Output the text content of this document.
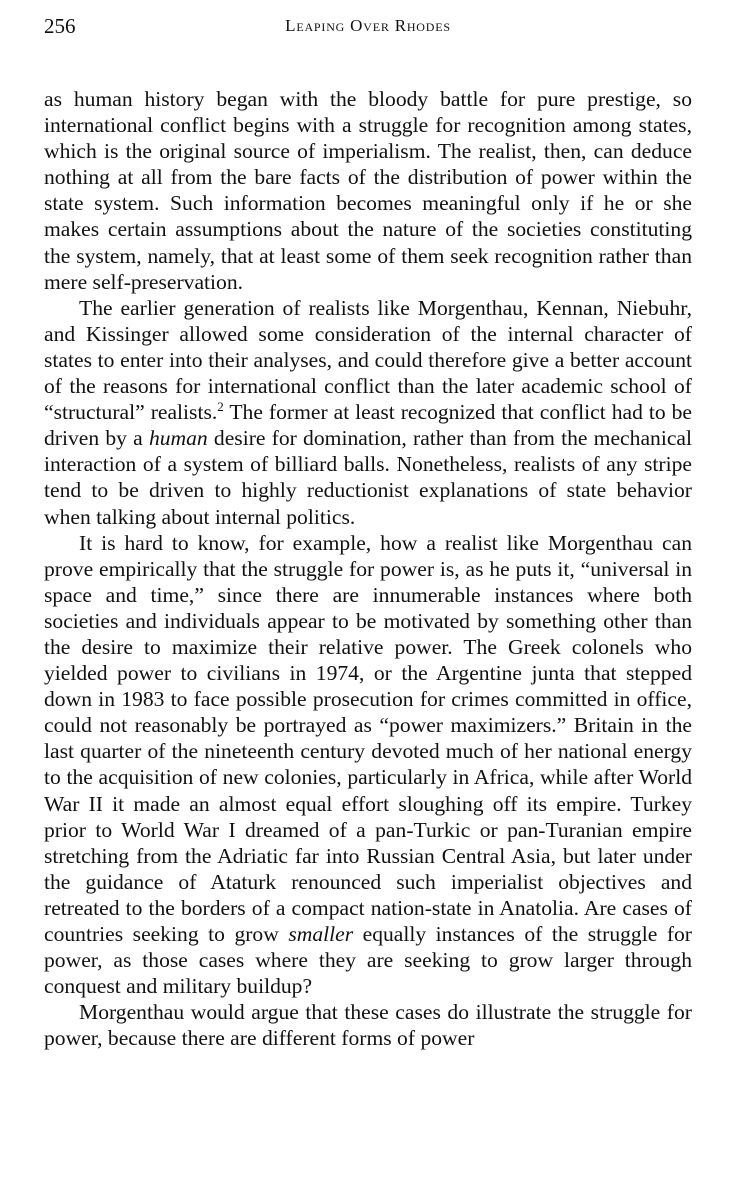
256	Leaping Over Rhodes

as human history began with the bloody battle for pure prestige, so international conflict begins with a struggle for recognition among states, which is the original source of imperialism. The realist, then, can deduce nothing at all from the bare facts of the distribution of power within the state system. Such information becomes meaningful only if he or she makes certain assumptions about the nature of the societies constituting the system, namely, that at least some of them seek recognition rather than mere self-preservation.

The earlier generation of realists like Morgenthau, Kennan, Niebuhr, and Kissinger allowed some consideration of the internal character of states to enter into their analyses, and could therefore give a better account of the reasons for international conflict than the later academic school of “structural” realists.$^2$ The former at least recognized that conflict had to be driven by a human desire for domination, rather than from the mechanical interaction of a system of billiard balls. Nonetheless, realists of any stripe tend to be driven to highly reductionist explanations of state behavior when talking about internal politics.

It is hard to know, for example, how a realist like Morgenthau can prove empirically that the struggle for power is, as he puts it, “universal in space and time,” since there are innumerable instances where both societies and individuals appear to be motivated by something other than the desire to maximize their relative power. The Greek colonels who yielded power to civilians in 1974, or the Argentine junta that stepped down in 1983 to face possible prosecution for crimes committed in office, could not reasonably be portrayed as “power maximizers.” Britain in the last quarter of the nineteenth century devoted much of her national energy to the acquisition of new colonies, particularly in Africa, while after World War II it made an almost equal effort sloughing off its empire. Turkey prior to World War I dreamed of a pan-Turkic or pan-Turanian empire stretching from the Adriatic far into Russian Central Asia, but later under the guidance of Ataturk renounced such imperialist objectives and retreated to the borders of a compact nation-state in Anatolia. Are cases of countries seeking to grow smaller equally instances of the struggle for power, as those cases where they are seeking to grow larger through conquest and military buildup?

Morgenthau would argue that these cases do illustrate the struggle for power, because there are different forms of power
